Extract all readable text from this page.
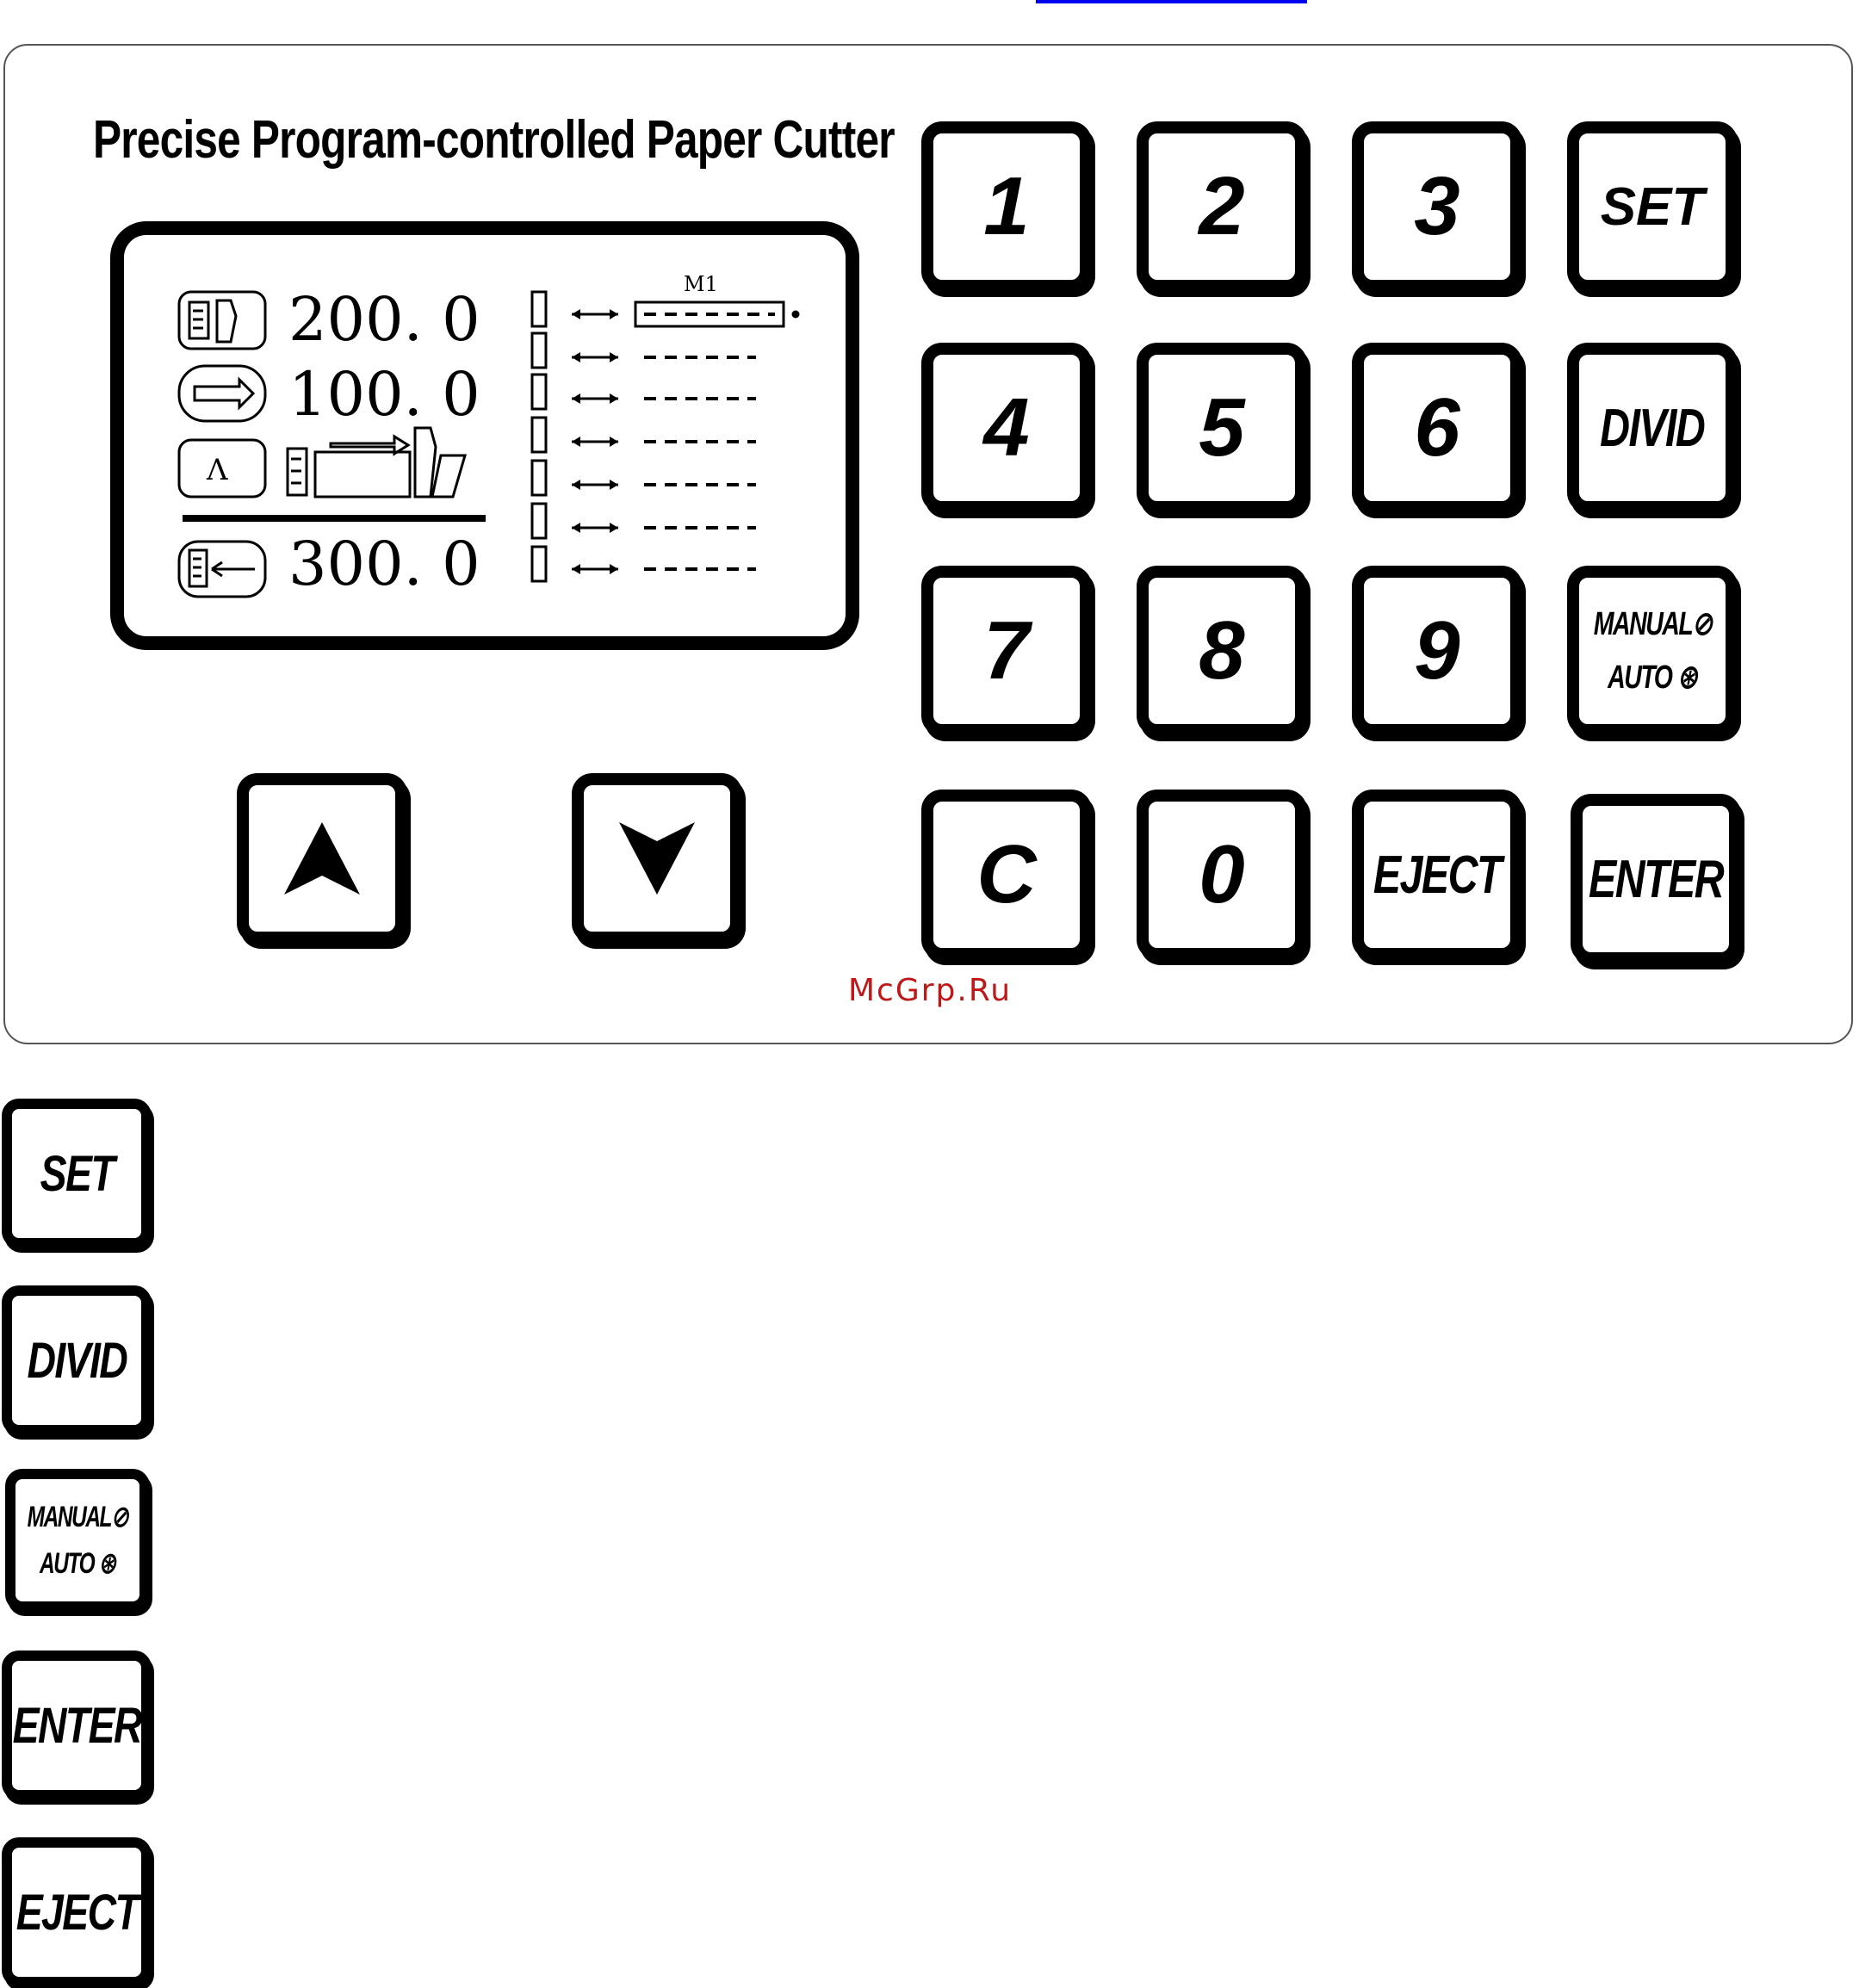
Precise Program-controlled Paper Cutter
200. 0
100. 0
300. 0
Λ
M1
1 2 3	SET
4 5 6	DIVID
7 8 9	MANUAL⊘
AUTO ⊛
C 0 EJECT ENTER
McGrp.Ru
SET
DIVID
MANUAL⊘
AUTO ⊛
ENTER
EJECT
